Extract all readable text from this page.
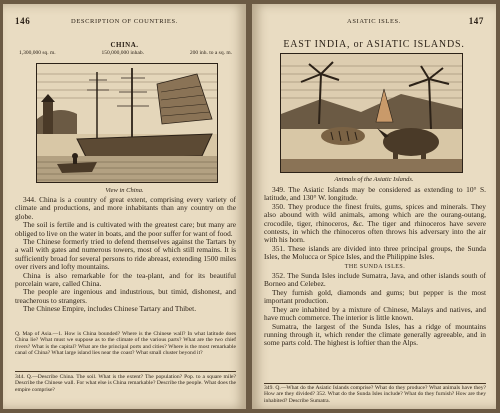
146	DESCRIPTION OF COUNTRIES.
CHINA.
1,300,000 sq. m.	150,000,000 inhab.	200 inh. to a sq. m.
View in China.

344. China is a country of great extent, comprising every variety of climate and productions, and more inhabitants than any country on the globe.

The soil is fertile and is cultivated with the greatest care; but many are obliged to live on the water in boats, and the poor suffer for want of food.

The Chinese formerly tried to defend themselves against the Tartars by a wall with gates and numerous towers, most of which still remains. It is sufficiently broad for several persons to ride abreast, extending 1500 miles over rivers and lofty mountains.

China is also remarkable for the tea-plant, and for its beautiful porcelain ware, called China.

The people are ingenious and industrious, but timid, dishonest, and treacherous to strangers.

The Chinese Empire, includes Chinese Tartary and Thibet.

Q. Map of Asia.—1. How is China bounded? Where is the Chinese wall? In what latitude does China lie? What must we suppose as to the climate of the various parts? What are the two chief rivers? What is the capital? What are the principal ports and cities? Where is the most remarkable canal of China? What large island lies near the coast? What small cluster beyond it?
344. Q.—Describe China. The soil. What is the extent? The population? Pop. to a square mile? Describe the Chinese wall. For what else is China remarkable? Describe the people. What does the empire comprise?
ASIATIC ISLES.	147
EAST INDIA, or ASIATIC ISLANDS.
Animals of the Asiatic Islands.

349. The Asiatic Islands may be considered as extending to 10° S. latitude, and 130° W. longitude.

350. They produce the finest fruits, gums, spices and minerals. They also abound with wild animals, among which are the ourang-outang, crocodile, tiger, rhinoceros, &c. The tiger and rhinoceros have severe contests, in which the rhinoceros often throws his adversary into the air with his horn.

351. These islands are divided into three principal groups, the Sunda Isles, the Molucca or Spice Isles, and the Philippine Isles.

THE SUNDA ISLES.

352. The Sunda Isles include Sumatra, Java, and other islands south of Borneo and Celebez.

They furnish gold, diamonds and gums; but pepper is the most important production.

They are inhabited by a mixture of Chinese, Malays and natives, and have much commerce. The interior is little known.

Sumatra, the largest of the Sunda Isles, has a ridge of mountains running through it, which render the climate generally agreeable, and in some parts cold. The highest is loftier than the Alps.

349. Q.—What do the Asiatic Islands comprise? What do they produce? What animals have they? How are they divided? 352. What do the Sunda Isles include? What do they furnish? How are they inhabited? Describe Sumatra.
